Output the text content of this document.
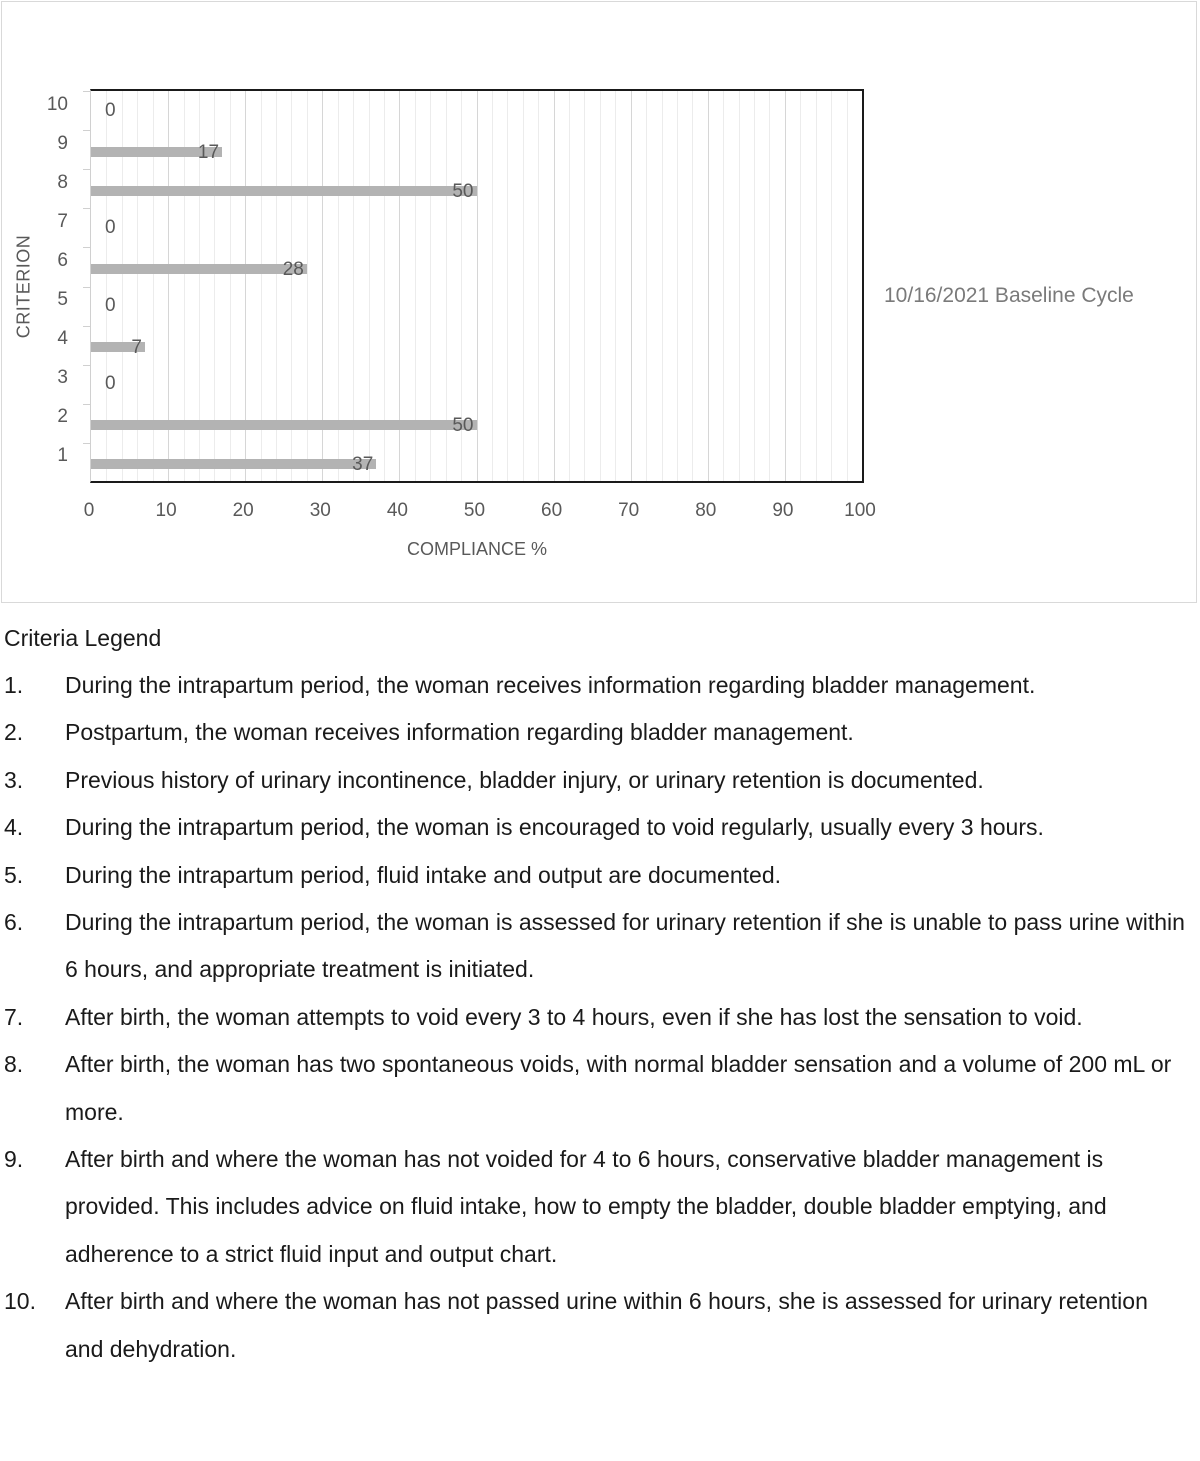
CRITERION
1
2
3
4
5
6
7
8
9
10
37
50
0
7
0
28
0
50
17
0
0	10	20	30	40	50	60	70	80	90	100
COMPLIANCE %
10/16/2021 Baseline Cycle
Criteria Legend
1.	During the intrapartum period, the woman receives information regarding bladder management.
2.	Postpartum, the woman receives information regarding bladder management.
3.	Previous history of urinary incontinence, bladder injury, or urinary retention is documented.
4.	During the intrapartum period, the woman is encouraged to void regularly, usually every 3 hours.
5.	During the intrapartum period, fluid intake and output are documented.
6.	During the intrapartum period, the woman is assessed for urinary retention if she is unable to pass urine within 6 hours, and appropriate treatment is initiated.
7.	After birth, the woman attempts to void every 3 to 4 hours, even if she has lost the sensation to void.
8.	After birth, the woman has two spontaneous voids, with normal bladder sensation and a volume of 200 mL or more.
9.	After birth and where the woman has not voided for 4 to 6 hours, conservative bladder management is provided. This includes advice on fluid intake, how to empty the bladder, double bladder emptying, and adherence to a strict fluid input and output chart.
10.	After birth and where the woman has not passed urine within 6 hours, she is assessed for urinary retention and dehydration.
